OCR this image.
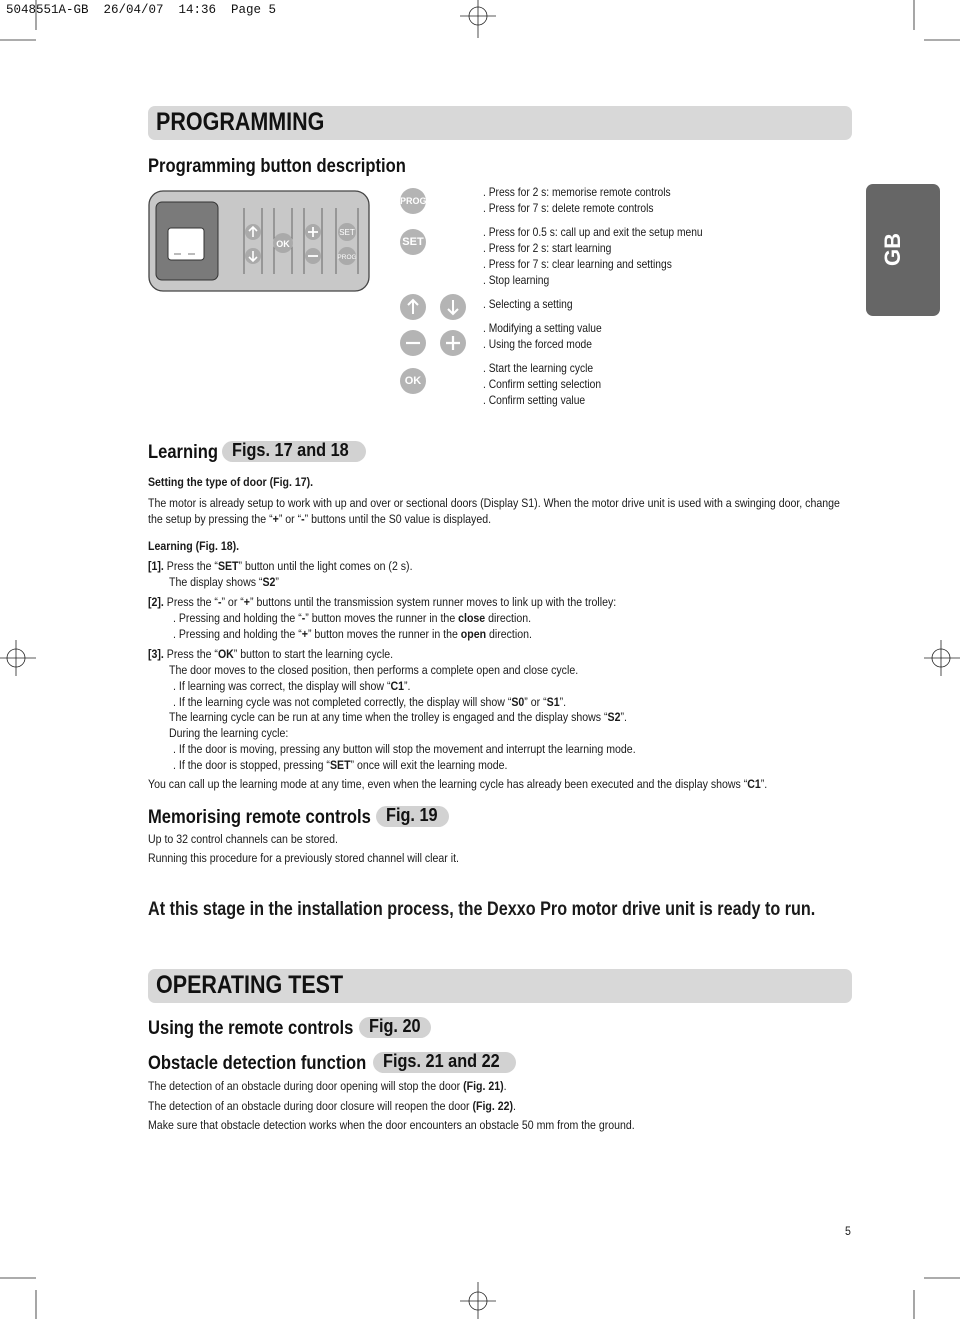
5048551A-GB  26/04/07  14:36  Page 5
PROGRAMMING
Programming button description
GB
OK
SET
PROG
PROG
SET
OK
. Press for 2 s: memorise remote controls
. Press for 7 s: delete remote controls
. Press for 0.5 s: call up and exit the setup menu
. Press for 2 s: start learning
. Press for 7 s: clear learning and settings
. Stop learning
. Selecting a setting
. Modifying a setting value
. Using the forced mode
. Start the learning cycle
. Confirm setting selection
. Confirm setting value
Learning Figs. 17 and 18
Setting the type of door (Fig. 17).
The motor is already setup to work with up and over or sectional doors (Display S1). When the motor drive unit is used with a swinging door, change
the setup by pressing the “+” or “-” buttons until the S0 value is displayed.
Learning (Fig. 18).
[1]. Press the “SET” button until the light comes on (2 s).
The display shows “S2”
[2]. Press the “-” or “+” buttons until the transmission system runner moves to link up with the trolley:
. Pressing and holding the “-” button moves the runner in the close direction.
. Pressing and holding the “+” button moves the runner in the open direction.
[3]. Press the “OK” button to start the learning cycle.
The door moves to the closed position, then performs a complete open and close cycle.
. If learning was correct, the display will show “C1”.
. If the learning cycle was not completed correctly, the display will show “S0” or “S1”.
The learning cycle can be run at any time when the trolley is engaged and the display shows “S2”.
During the learning cycle:
. If the door is moving, pressing any button will stop the movement and interrupt the learning mode.
. If the door is stopped, pressing “SET” once will exit the learning mode.
You can call up the learning mode at any time, even when the learning cycle has already been executed and the display shows “C1”.
Memorising remote controls Fig. 19
Up to 32 control channels can be stored.
Running this procedure for a previously stored channel will clear it.
At this stage in the installation process, the Dexxo Pro motor drive unit is ready to run.
OPERATING TEST
Using the remote controls Fig. 20
Obstacle detection function Figs. 21 and 22
The detection of an obstacle during door opening will stop the door (Fig. 21).
The detection of an obstacle during door closure will reopen the door (Fig. 22).
Make sure that obstacle detection works when the door encounters an obstacle 50 mm from the ground.
5
